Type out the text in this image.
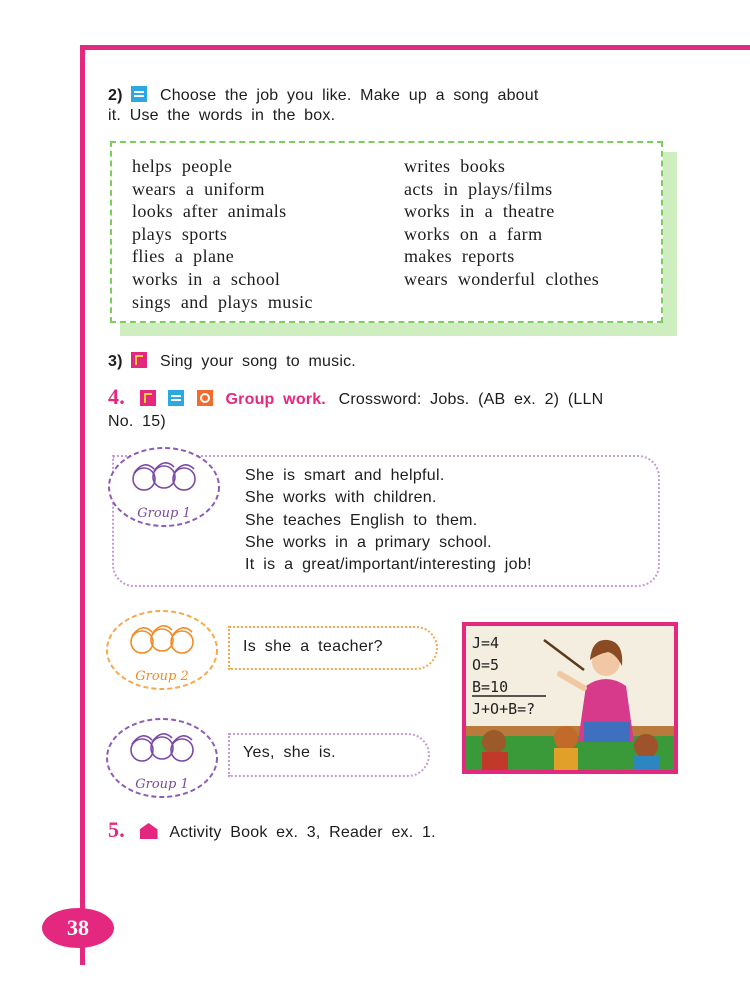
2) Choose the job you like. Make up a song about
it. Use the words in the box.
helps people
wears a uniform
looks after animals
plays sports
flies a plane
works in a school
sings and plays music
writes books
acts in plays/films
works in a theatre
works on a farm
makes reports
wears wonderful clothes
3) Sing your song to music.
4.	Group work. Crossword: Jobs. (AB ex. 2) (LLN
No. 15)
She is smart and helpful.
She works with children.
She teaches English to them.
She works in a primary school.
It is a great/important/interesting job!
Group 1
Is she a teacher?
Group 2
Yes, she is.
Group 1
J=4
O=5
B=10
J+O+B=?
5.	Activity Book ex. 3, Reader ex. 1.
38
